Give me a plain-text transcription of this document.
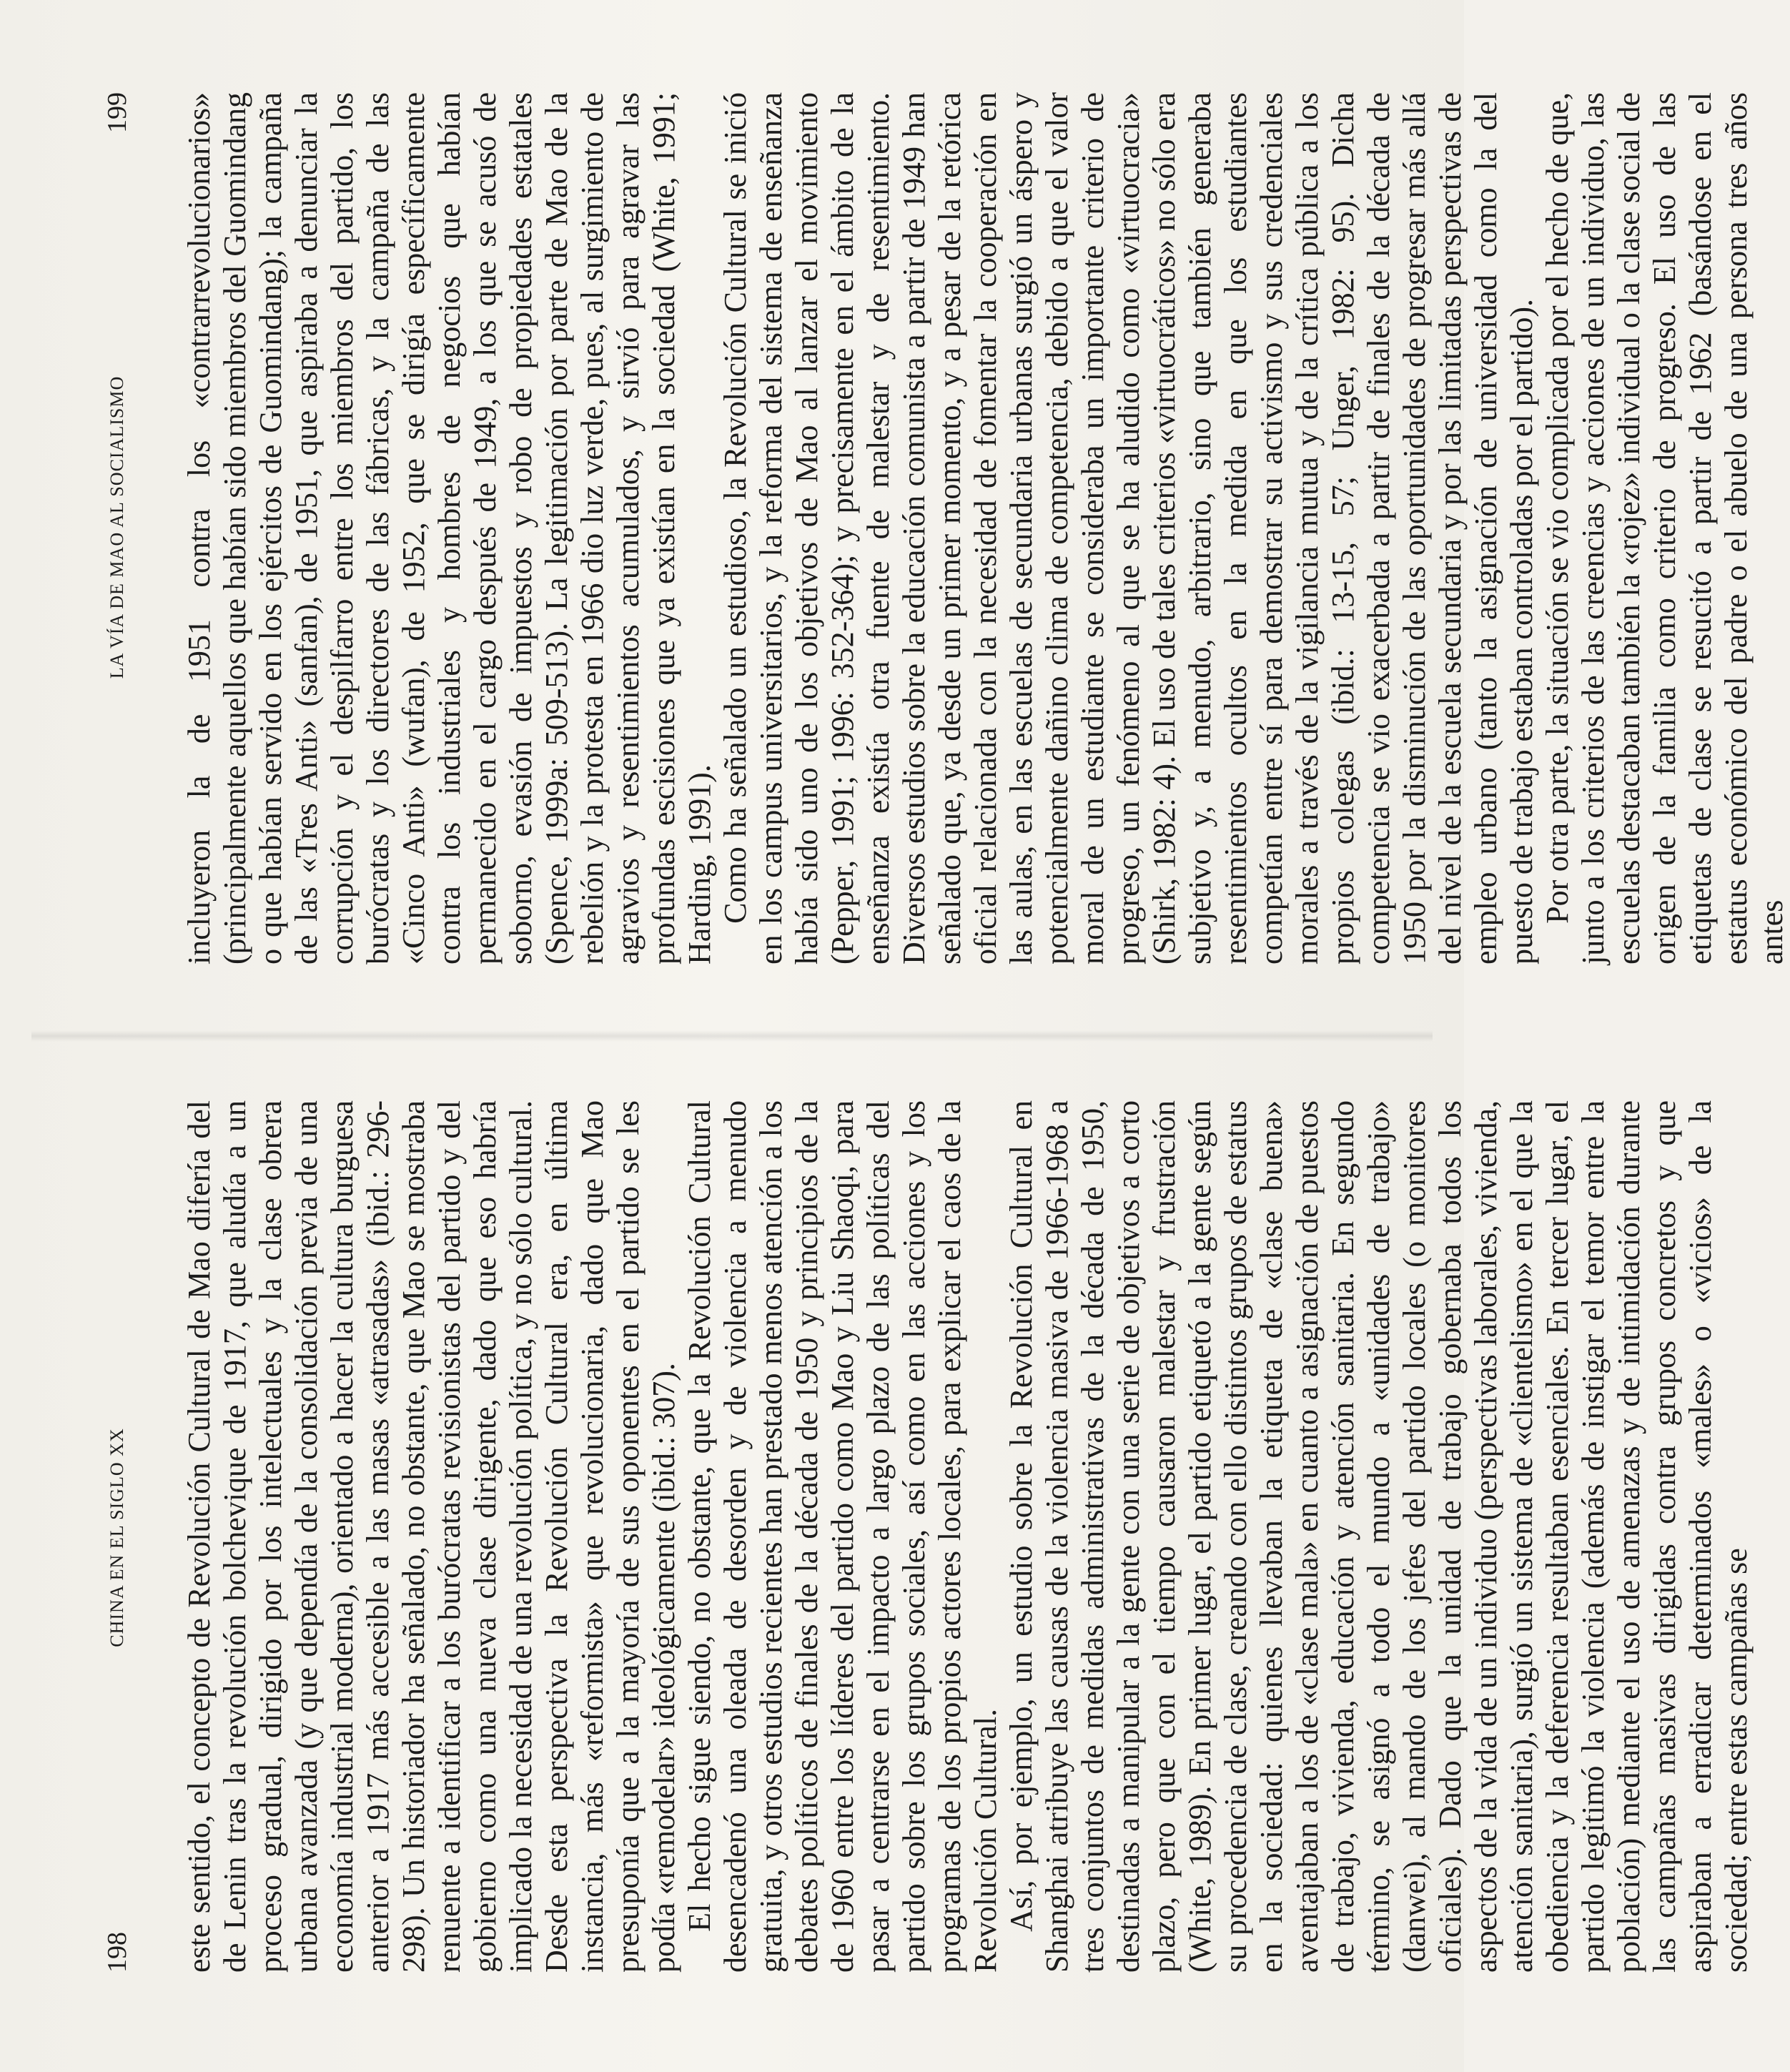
198
CHINA EN EL SIGLO XX este sentido, el concepto de Revolución Cultural de Mao difería del de Lenin tras la revolución bolchevique de 1917, que aludía a un proceso gradual, dirigido por los intelectuales y la clase obrera urbana avanzada (y que dependía de la consolidación previa de una economía industrial moderna), orientado a hacer la cultura burguesa anterior a 1917 más accesible a las masas «atrasadas» (ibid.: 296-298). Un historiador ha señalado, no obstante, que Mao se mostraba renuente a identificar a los burócratas revisionistas del partido y del gobierno como una nueva clase dirigente, dado que eso habría implicado la necesidad de una revolución política, y no sólo cultural. Desde esta perspectiva la Revolución Cultural era, en última instancia, más «reformista» que revolucionaria, dado que Mao presuponía que a la mayoría de sus oponentes en el partido se les podía «remodelar» ideológicamente (ibid.: 307). El hecho sigue siendo, no obstante, que la Revolución Cultural desencadenó una oleada de desorden y de violencia a menudo gratuita, y otros estudios recientes han prestado menos atención a los debates políticos de finales de la década de 1950 y principios de la de 1960 entre los líderes del partido como Mao y Liu Shaoqi, para pasar a centrarse en el impacto a largo plazo de las políticas del partido sobre los grupos sociales, así como en las acciones y los programas de los propios actores locales, para explicar el caos de la Revolución Cultural. Así, por ejemplo, un estudio sobre la Revolución Cultural en Shanghai atribuye las causas de la violencia masiva de 1966-1968 a tres conjuntos de medidas administrativas de la década de 1950, destinadas a manipular a la gente con una serie de objetivos a corto plazo, pero que con el tiempo causaron malestar y frustración (White, 1989). En primer lugar, el partido etiquetó a la gente según su procedencia de clase, creando con ello distintos grupos de estatus en la sociedad: quienes llevaban la etiqueta de «clase buena» aventajaban a los de «clase mala» en cuanto a asignación de puestos de trabajo, vivienda, educación y atención sanitaria. En segundo término, se asignó a todo el mundo a «unidades de trabajo» (danwei), al mando de los jefes del partido locales (o monitores oficiales). Dado que la unidad de trabajo gobernaba todos los aspectos de la vida de un individuo (perspectivas laborales, vivienda, atención sanitaria), surgió un sistema de «clientelismo» en el que la obediencia y la deferencia resultaban esenciales. En tercer lugar, el partido legitimó la violencia (además de instigar el temor entre la población) mediante el uso de amenazas y de intimidación durante las campañas masivas dirigidas contra grupos concretos y que aspiraban a erradicar determinados «males» o «vicios» de la sociedad; entre estas campañas se

LA VÍA DE MAO AL SOCIALISMO
199 incluyeron la de 1951 contra los «contrarrevolucionarios» (principalmente aquellos que habían sido miembros del Guomindang o que habían servido en los ejércitos de Guomindang); la campaña de las «Tres Anti» (sanfan), de 1951, que aspiraba a denunciar la corrupción y el despilfarro entre los miembros del partido, los burócratas y los directores de las fábricas, y la campaña de las «Cinco Anti» (wufan), de 1952, que se dirigía específicamente contra los industriales y hombres de negocios que habían permanecido en el cargo después de 1949, a los que se acusó de soborno, evasión de impuestos y robo de propiedades estatales (Spence, 1999a: 509-513). La legitimación por parte de Mao de la rebelión y la protesta en 1966 dio luz verde, pues, al surgimiento de agravios y resentimientos acumulados, y sirvió para agravar las profundas escisiones que ya existían en la sociedad (White, 1991; Harding, 1991). Como ha señalado un estudioso, la Revolución Cultural se inició en los campus universitarios, y la reforma del sistema de enseñanza había sido uno de los objetivos de Mao al lanzar el movimiento (Pepper, 1991; 1996: 352-364); y precisamente en el ámbito de la enseñanza existía otra fuente de malestar y de resentimiento. Diversos estudios sobre la educación comunista a partir de 1949 han señalado que, ya desde un primer momento, y a pesar de la retórica oficial relacionada con la necesidad de fomentar la cooperación en las aulas, en las escuelas de secundaria urbanas surgió un áspero y potencialmente dañino clima de competencia, debido a que el valor moral de un estudiante se consideraba un importante criterio de progreso, un fenómeno al que se ha aludido como «virtuocracia» (Shirk, 1982: 4). El uso de tales criterios «virtuocráticos» no sólo era subjetivo y, a menudo, arbitrario, sino que también generaba resentimientos ocultos en la medida en que los estudiantes competían entre sí para demostrar su activismo y sus credenciales morales a través de la vigilancia mutua y de la crítica pública a los propios colegas (ibid.: 13-15, 57; Unger, 1982: 95). Dicha competencia se vio exacerbada a partir de finales de la década de 1950 por la disminución de las oportunidades de progresar más allá del nivel de la escuela secundaria y por las limitadas perspectivas de empleo urbano (tanto la asignación de universidad como la del puesto de trabajo estaban controladas por el partido). Por otra parte, la situación se vio complicada por el hecho de que, junto a los criterios de las creencias y acciones de un individuo, las escuelas destacaban también la «rojez» individual o la clase social de origen de la familia como criterio de progreso. El uso de las etiquetas de clase se resucitó a partir de 1962 (basándose en el estatus económico del padre o el abuelo de una persona tres años antes
